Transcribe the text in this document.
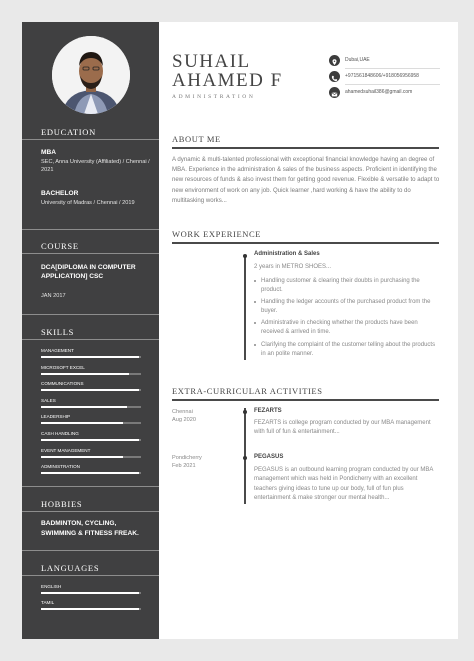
EDUCATION
MBA
SEC, Anna University (Affiliated) / Chennai / 2021
BACHELOR
University of Madras / Chennai / 2019
COURSE
DCA[DIPLOMA IN COMPUTER APPLICATION] CSC
JAN 2017
SKILLS
MANAGEMENT
MICROSOFT EXCEL
COMMUNICATIONS
SALES
LEADERSHIP
CASH HANDLING
EVENT MANAGEMENT
ADMINISTRATION
HOBBIES
BADMINTON, CYCLING, SWIMMING & FITNESS FREAK.
LANGUAGES
ENGLISH
TAMIL
SUHAIL
AHAMED F
ADMINISTRATION
Dubai,UAE
+971561848606/+918056956958
ahamedsuhail386@gmail.com
ABOUT ME
A dynamic & multi-talented professional with exceptional financial knowledge having an degree of MBA. Experience in the administration & sales of the business aspects. Proficient in identifying the new resources of funds & also invest them for getting good revenue. Flexible & versatile to adapt to new environment of work on any job. Quick learner ,hard working & have the ability to do multitasking works...
WORK EXPERIENCE
Administration & Sales
2 years in METRO SHOES...
Handling customer & clearing their doubts in purchasing the product.
Handling the ledger accounts of the purchased product from the buyer.
Administrative in checking whether the products have been received & arrived in time.
Clarifying the complaint of the customer telling about the products in an polite manner.
EXTRA-CURRICULAR ACTIVITIES
Chennai
Aug 2020
FEZARTS
FEZARTS is college program conducted by our MBA management with full of fun & entertainment...
Pondicherry
Feb 2021
PEGASUS
PEGASUS is an outbound learning program conducted by our MBA management which was held in Pondicherry with an excellent teachers giving ideas to tune up our body, full of fun plus entertainment & make stronger our mental health...
